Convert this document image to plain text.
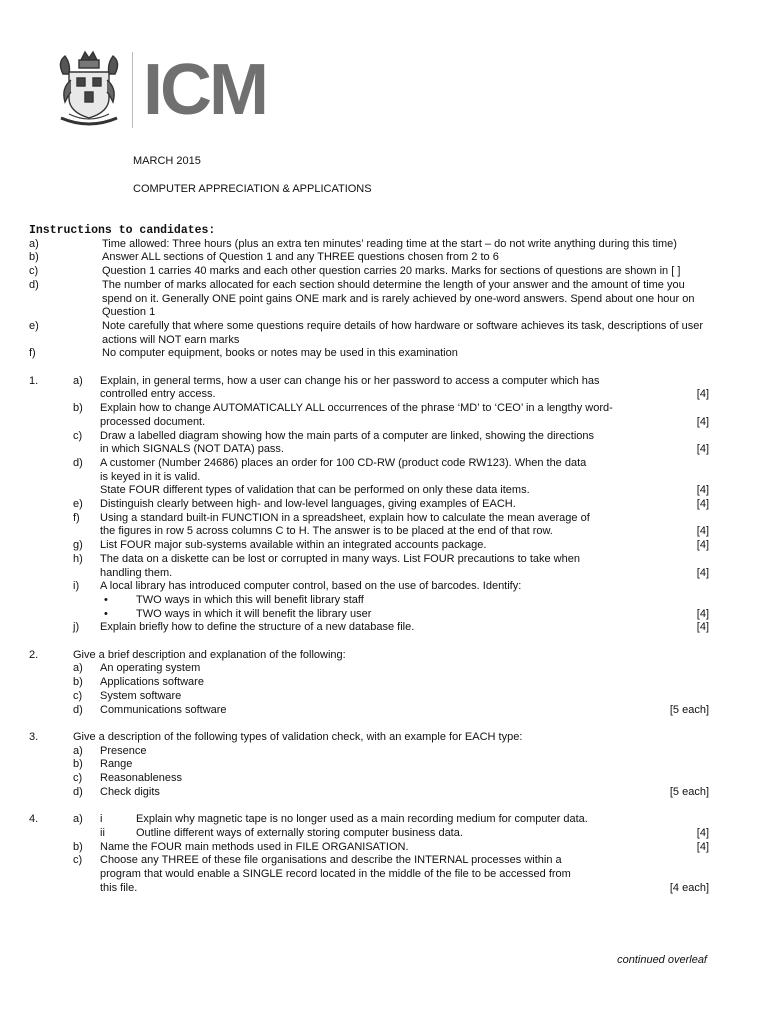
ICM
MARCH 2015
COMPUTER APPRECIATION & APPLICATIONS
Instructions to candidates:
a)	Time allowed: Three hours (plus an extra ten minutes’ reading time at the start – do not write anything during this time)
b)	Answer ALL sections of Question 1 and any THREE questions chosen from 2 to 6
c)	Question 1 carries 40 marks and each other question carries 20 marks. Marks for sections of questions are shown in [ ]
d)	The number of marks allocated for each section should determine the length of your answer and the amount of time you spend on it. Generally ONE point gains ONE mark and is rarely achieved by one-word answers. Spend about one hour on Question 1
e)	Note carefully that where some questions require details of how hardware or software achieves its task, descriptions of user actions will NOT earn marks
f)	No computer equipment, books or notes may be used in this examination
1.	a)	Explain, in general terms, how a user can change his or her password to access a computer which has
controlled entry access.	[4]
b)	Explain how to change AUTOMATICALLY ALL occurrences of the phrase ‘MD’ to ‘CEO’ in a lengthy word-
processed document.	[4]
c)	Draw a labelled diagram showing how the main parts of a computer are linked, showing the directions
in which SIGNALS (NOT DATA) pass.	[4]
d)	A customer (Number 24686) places an order for 100 CD-RW (product code RW123). When the data
is keyed in it is valid.
State FOUR different types of validation that can be performed on only these data items.	[4]
e)	Distinguish clearly between high- and low-level languages, giving examples of EACH.	[4]
f)	Using a standard built-in FUNCTION in a spreadsheet, explain how to calculate the mean average of
the figures in row 5 across columns C to H. The answer is to be placed at the end of that row.	[4]
g)	List FOUR major sub-systems available within an integrated accounts package.	[4]
h)	The data on a diskette can be lost or corrupted in many ways. List FOUR precautions to take when
handling them.	[4]
i)	A local library has introduced computer control, based on the use of barcodes. Identify:
•	TWO ways in which this will benefit library staff
•	TWO ways in which it will benefit the library user	[4]
j)	Explain briefly how to define the structure of a new database file.	[4]
2.	Give a brief description and explanation of the following:
a)	An operating system
b)	Applications software
c)	System software
d)	Communications software	[5 each]
3.	Give a description of the following types of validation check, with an example for EACH type:
a)	Presence
b)	Range
c)	Reasonableness
d)	Check digits	[5 each]
4.	a)	i	Explain why magnetic tape is no longer used as a main recording medium for computer data.
ii	Outline different ways of externally storing computer business data.	[4]
b)	Name the FOUR main methods used in FILE ORGANISATION.	[4]
c)	Choose any THREE of these file organisations and describe the INTERNAL processes within a
program that would enable a SINGLE record located in the middle of the file to be accessed from
this file.	[4 each]
continued overleaf
